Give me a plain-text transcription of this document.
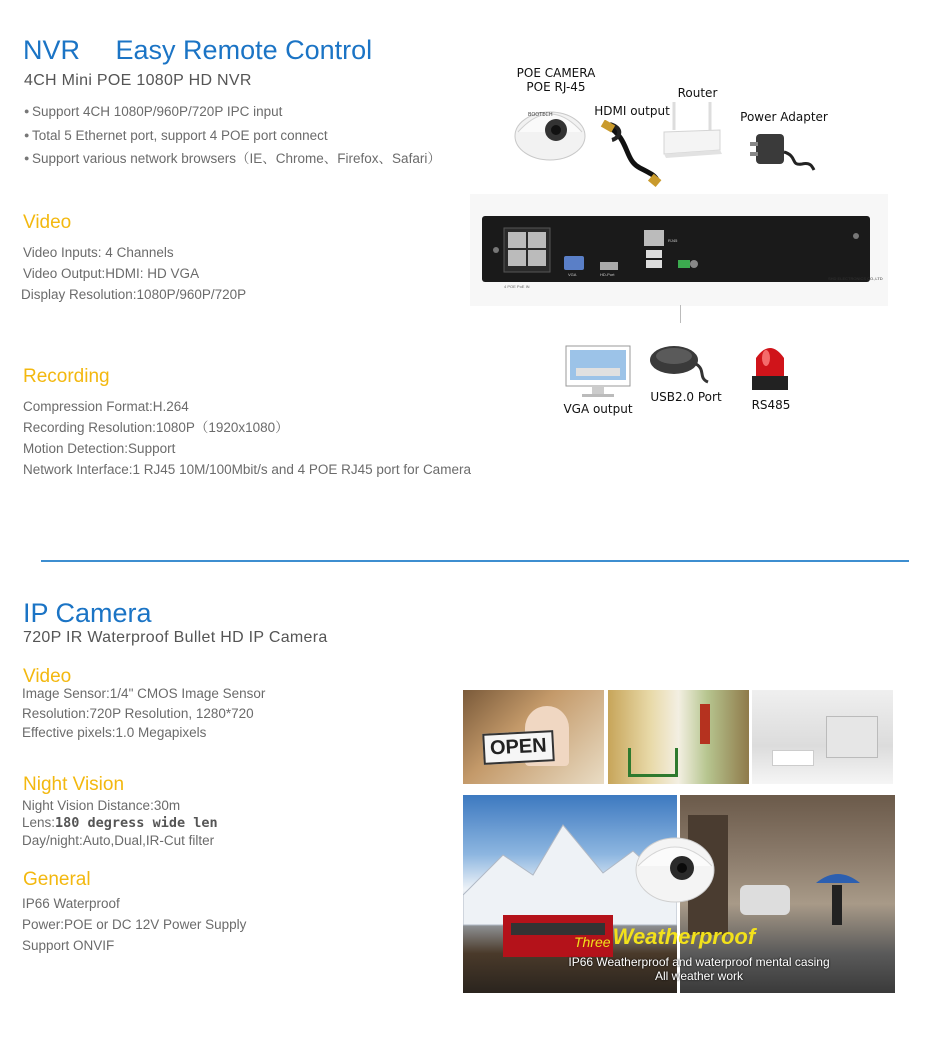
NVR Easy Remote Control
4CH Mini POE 1080P HD NVR
● Support 4CH 1080P/960P/720P IPC input
● Total 5 Ethernet port, support 4 POE port connect
● Support various network browsers（IE、Chrome、Firefox、Safari）
Video
Video Inputs: 4 Channels
Video Output:HDMI: HD VGA
Display Resolution:1080P/960P/720P
Recording
Compression Format:H.264
Recording Resolution:1080P（1920x1080）
Motion Detection:Support
Network Interface:1 RJ45 10M/100Mbit/s and 4 POE RJ45 port for Camera
POE CAMERA
POE RJ-45
BOOTECH	HDMI output
Router
Power Adapter
4 POE PoE IN
VGA	HD-Port
RJ45
SHD ELECTRONICS CO.,LTD
VGA output
USB2.0 Port
RS485
IP Camera
720P IR Waterproof Bullet HD IP Camera
Video
Image Sensor:1/4" CMOS Image Sensor
Resolution:720P Resolution, 1280*720
Effective pixels:1.0 Megapixels
Night Vision
Night Vision Distance:30m
Lens:180 degress wide len
Day/night:Auto,Dual,IR-Cut filter
General
IP66 Waterproof
Power:POE or DC 12V Power Supply
Support ONVIF
OPEN
Three Weatherproof
IP66 Weatherproof and waterproof mental casing
All weather work
